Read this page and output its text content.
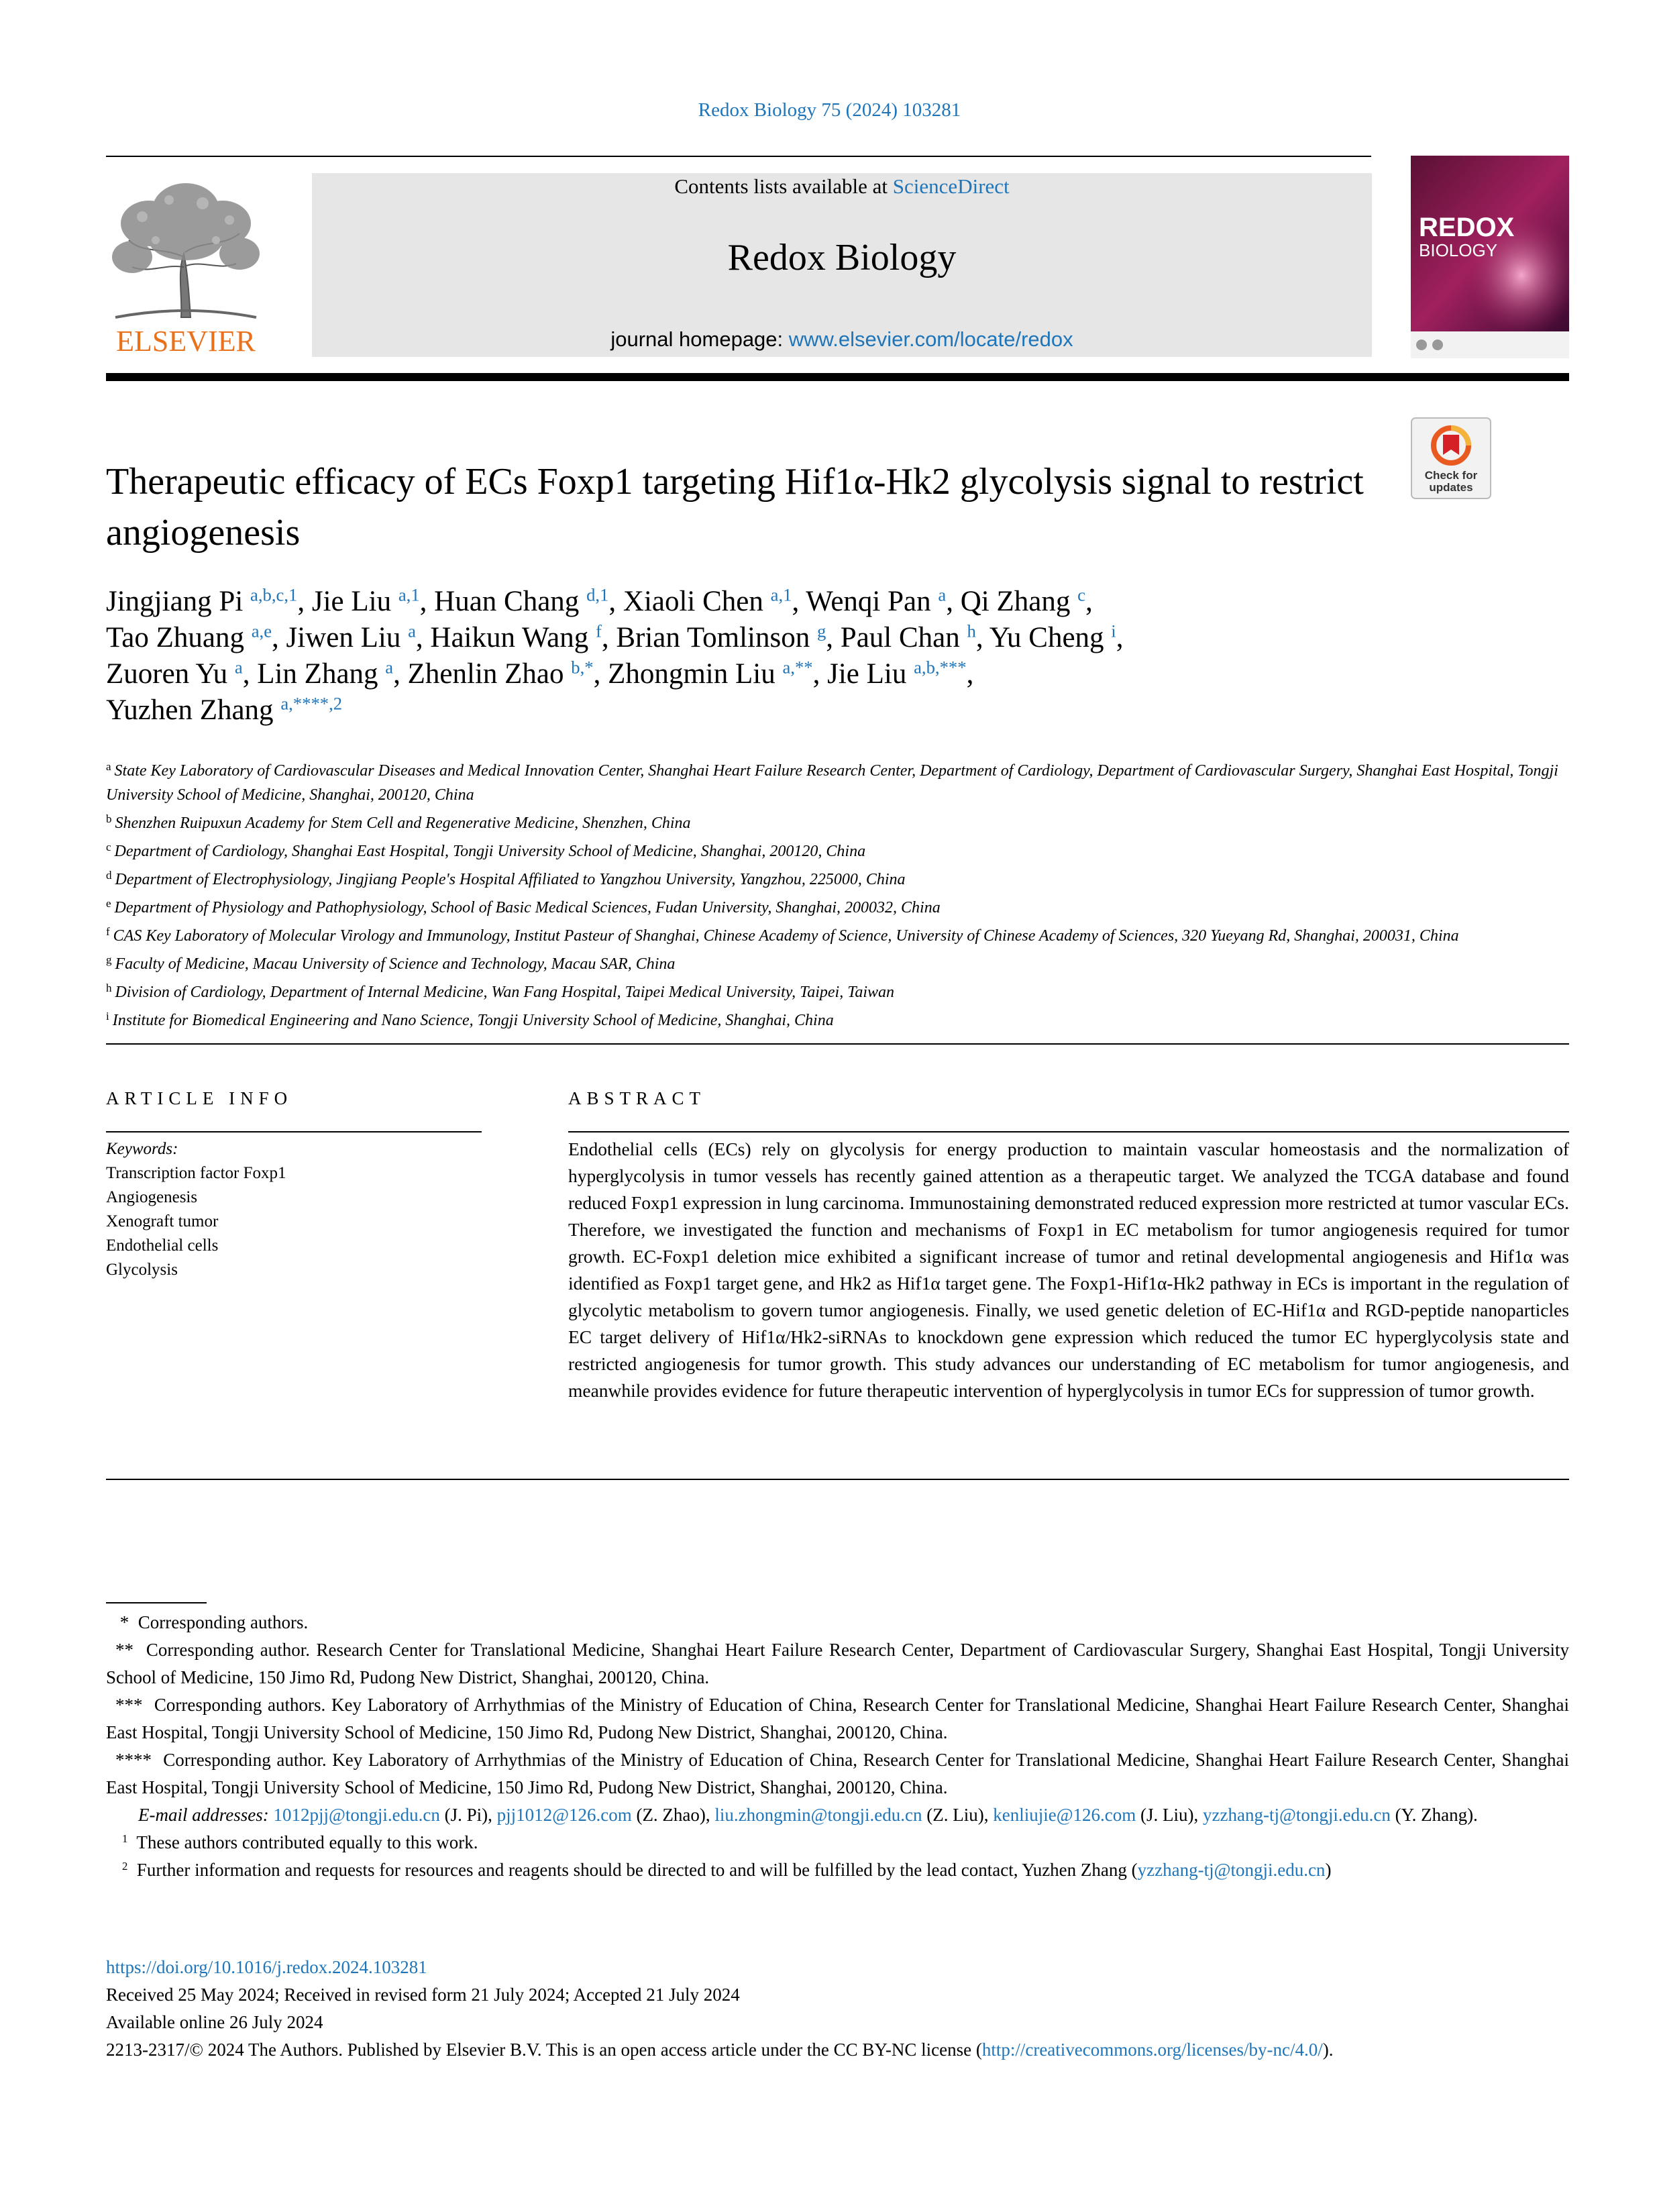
Redox Biology 75 (2024) 103281
ELSEVIER
Contents lists available at ScienceDirect
Redox Biology
journal homepage: www.elsevier.com/locate/redox
REDOX
BIOLOGY
Therapeutic efficacy of ECs Foxp1 targeting Hif1α-Hk2 glycolysis signal to restrict angiogenesis
Check for
updates
Jingjiang Pi $^{a,b,c,1}$, Jie Liu $^{a,1}$, Huan Chang $^{d,1}$, Xiaoli Chen $^{a,1}$, Wenqi Pan $^a$, Qi Zhang $^c$,
Tao Zhuang $^{a,e}$, Jiwen Liu $^a$, Haikun Wang $^f$, Brian Tomlinson $^g$, Paul Chan $^h$, Yu Cheng $^i$,
Zuoren Yu $^a$, Lin Zhang $^a$, Zhenlin Zhao $^{b,*}$, Zhongmin Liu $^{a,**}$, Jie Liu $^{a,b,***}$,
Yuzhen Zhang $^{a,****,2}$

$^a$ State Key Laboratory of Cardiovascular Diseases and Medical Innovation Center, Shanghai Heart Failure Research Center, Department of Cardiology, Department of Cardiovascular Surgery, Shanghai East Hospital, Tongji University School of Medicine, Shanghai, 200120, China

$^b$ Shenzhen Ruipuxun Academy for Stem Cell and Regenerative Medicine, Shenzhen, China

$^c$ Department of Cardiology, Shanghai East Hospital, Tongji University School of Medicine, Shanghai, 200120, China

$^d$ Department of Electrophysiology, Jingjiang People's Hospital Affiliated to Yangzhou University, Yangzhou, 225000, China

$^e$ Department of Physiology and Pathophysiology, School of Basic Medical Sciences, Fudan University, Shanghai, 200032, China

$^f$ CAS Key Laboratory of Molecular Virology and Immunology, Institut Pasteur of Shanghai, Chinese Academy of Science, University of Chinese Academy of Sciences, 320 Yueyang Rd, Shanghai, 200031, China

$^g$ Faculty of Medicine, Macau University of Science and Technology, Macau SAR, China

$^h$ Division of Cardiology, Department of Internal Medicine, Wan Fang Hospital, Taipei Medical University, Taipei, Taiwan

$^i$ Institute for Biomedical Engineering and Nano Science, Tongji University School of Medicine, Shanghai, China

ARTICLE INFO
Keywords:
Transcription factor Foxp1
Angiogenesis
Xenograft tumor
Endothelial cells
Glycolysis
ABSTRACT
Endothelial cells (ECs) rely on glycolysis for energy production to maintain vascular homeostasis and the normalization of hyperglycolysis in tumor vessels has recently gained attention as a therapeutic target. We analyzed the TCGA database and found reduced Foxp1 expression in lung carcinoma. Immunostaining demonstrated reduced expression more restricted at tumor vascular ECs. Therefore, we investigated the function and mechanisms of Foxp1 in EC metabolism for tumor angiogenesis required for tumor growth. EC-Foxp1 deletion mice exhibited a significant increase of tumor and retinal developmental angiogenesis and Hif1α was identified as Foxp1 target gene, and Hk2 as Hif1α target gene. The Foxp1-Hif1α-Hk2 pathway in ECs is important in the regulation of glycolytic metabolism to govern tumor angiogenesis. Finally, we used genetic deletion of EC-Hif1α and RGD-peptide nanoparticles EC target delivery of Hif1α/Hk2-siRNAs to knockdown gene expression which reduced the tumor EC hyperglycolysis state and restricted angiogenesis for tumor growth. This study advances our understanding of EC metabolism for tumor angiogenesis, and meanwhile provides evidence for future therapeutic intervention of hyperglycolysis in tumor ECs for suppression of tumor growth.

* Corresponding authors.

** Corresponding author. Research Center for Translational Medicine, Shanghai Heart Failure Research Center, Department of Cardiovascular Surgery, Shanghai East Hospital, Tongji University School of Medicine, 150 Jimo Rd, Pudong New District, Shanghai, 200120, China.

*** Corresponding authors. Key Laboratory of Arrhythmias of the Ministry of Education of China, Research Center for Translational Medicine, Shanghai Heart Failure Research Center, Shanghai East Hospital, Tongji University School of Medicine, 150 Jimo Rd, Pudong New District, Shanghai, 200120, China.

**** Corresponding author. Key Laboratory of Arrhythmias of the Ministry of Education of China, Research Center for Translational Medicine, Shanghai Heart Failure Research Center, Shanghai East Hospital, Tongji University School of Medicine, 150 Jimo Rd, Pudong New District, Shanghai, 200120, China.

E-mail addresses: 1012pjj@tongji.edu.cn (J. Pi), pjj1012@126.com (Z. Zhao), liu.zhongmin@tongji.edu.cn (Z. Liu), kenliujie@126.com (J. Liu), yzzhang-tj@tongji.edu.cn (Y. Zhang).

$^1$ These authors contributed equally to this work.

$^2$ Further information and requests for resources and reagents should be directed to and will be fulfilled by the lead contact, Yuzhen Zhang (yzzhang-tj@tongji.edu.cn)

https://doi.org/10.1016/j.redox.2024.103281

Received 25 May 2024; Received in revised form 21 July 2024; Accepted 21 July 2024

Available online 26 July 2024

2213-2317/© 2024 The Authors. Published by Elsevier B.V. This is an open access article under the CC BY-NC license (http://creativecommons.org/licenses/by-nc/4.0/).
